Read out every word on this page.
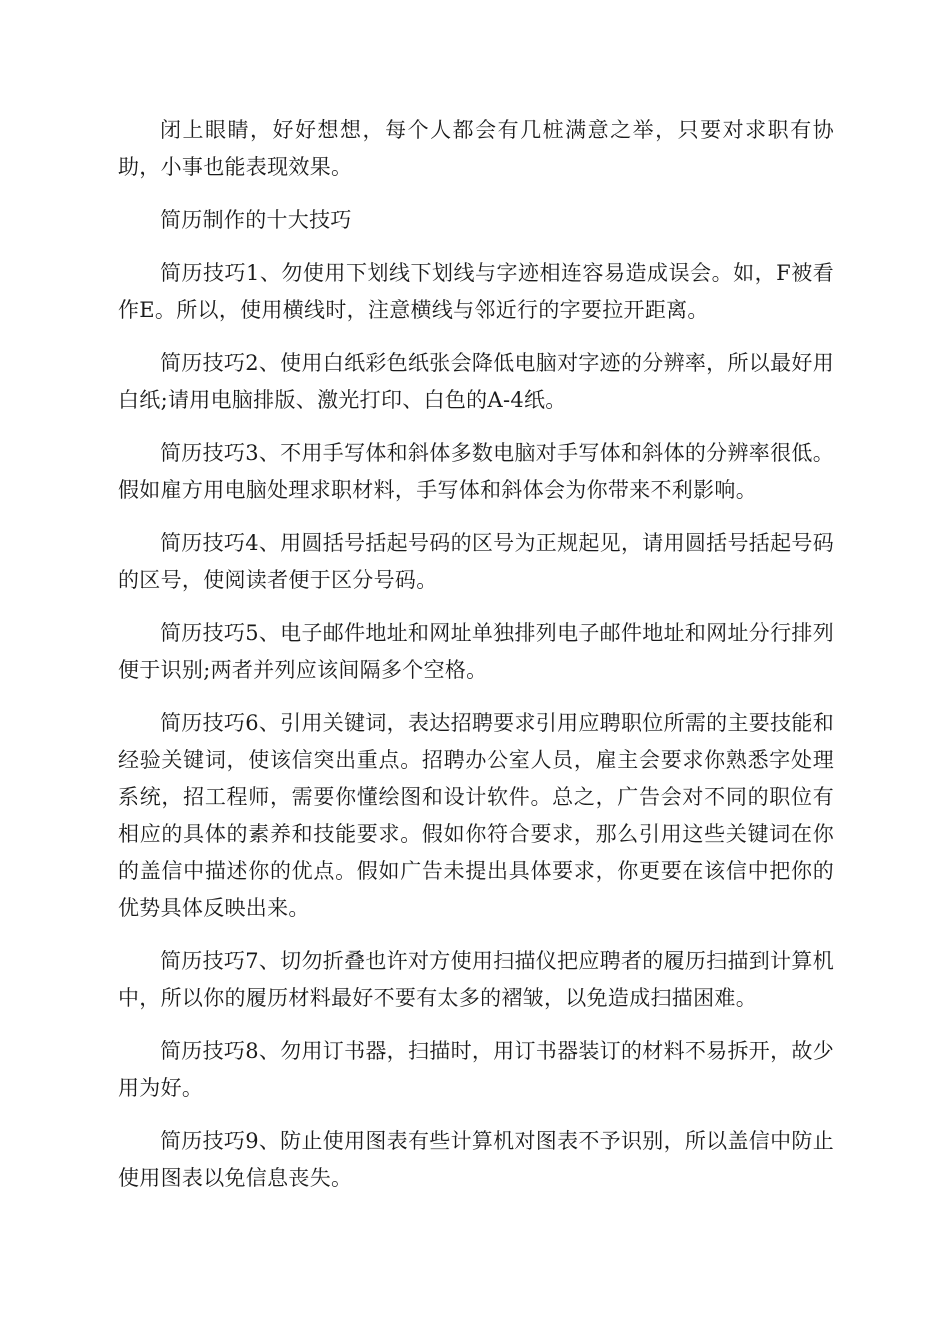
闭上眼睛，好好想想，每个人都会有几桩满意之举，只要对求职有协助，小事也能表现效果。

简历制作的十大技巧

简历技巧1、勿使用下划线下划线与字迹相连容易造成误会。如，F被看作E。所以，使用横线时，注意横线与邻近行的字要拉开距离。

简历技巧2、使用白纸彩色纸张会降低电脑对字迹的分辨率，所以最好用白纸;请用电脑排版、激光打印、白色的A-4纸。

简历技巧3、不用手写体和斜体多数电脑对手写体和斜体的分辨率很低。假如雇方用电脑处理求职材料，手写体和斜体会为你带来不利影响。

简历技巧4、用圆括号括起号码的区号为正规起见，请用圆括号括起号码的区号，使阅读者便于区分号码。

简历技巧5、电子邮件地址和网址单独排列电子邮件地址和网址分行排列便于识别;两者并列应该间隔多个空格。

简历技巧6、引用关键词，表达招聘要求引用应聘职位所需的主要技能和经验关键词，使该信突出重点。招聘办公室人员，雇主会要求你熟悉字处理系统，招工程师，需要你懂绘图和设计软件。总之，广告会对不同的职位有相应的具体的素养和技能要求。假如你符合要求，那么引用这些关键词在你的盖信中描述你的优点。假如广告未提出具体要求，你更要在该信中把你的优势具体反映出来。

简历技巧7、切勿折叠也许对方使用扫描仪把应聘者的履历扫描到计算机中，所以你的履历材料最好不要有太多的褶皱，以免造成扫描困难。

简历技巧8、勿用订书器，扫描时，用订书器装订的材料不易拆开，故少用为好。

简历技巧9、防止使用图表有些计算机对图表不予识别，所以盖信中防止使用图表以免信息丧失。
